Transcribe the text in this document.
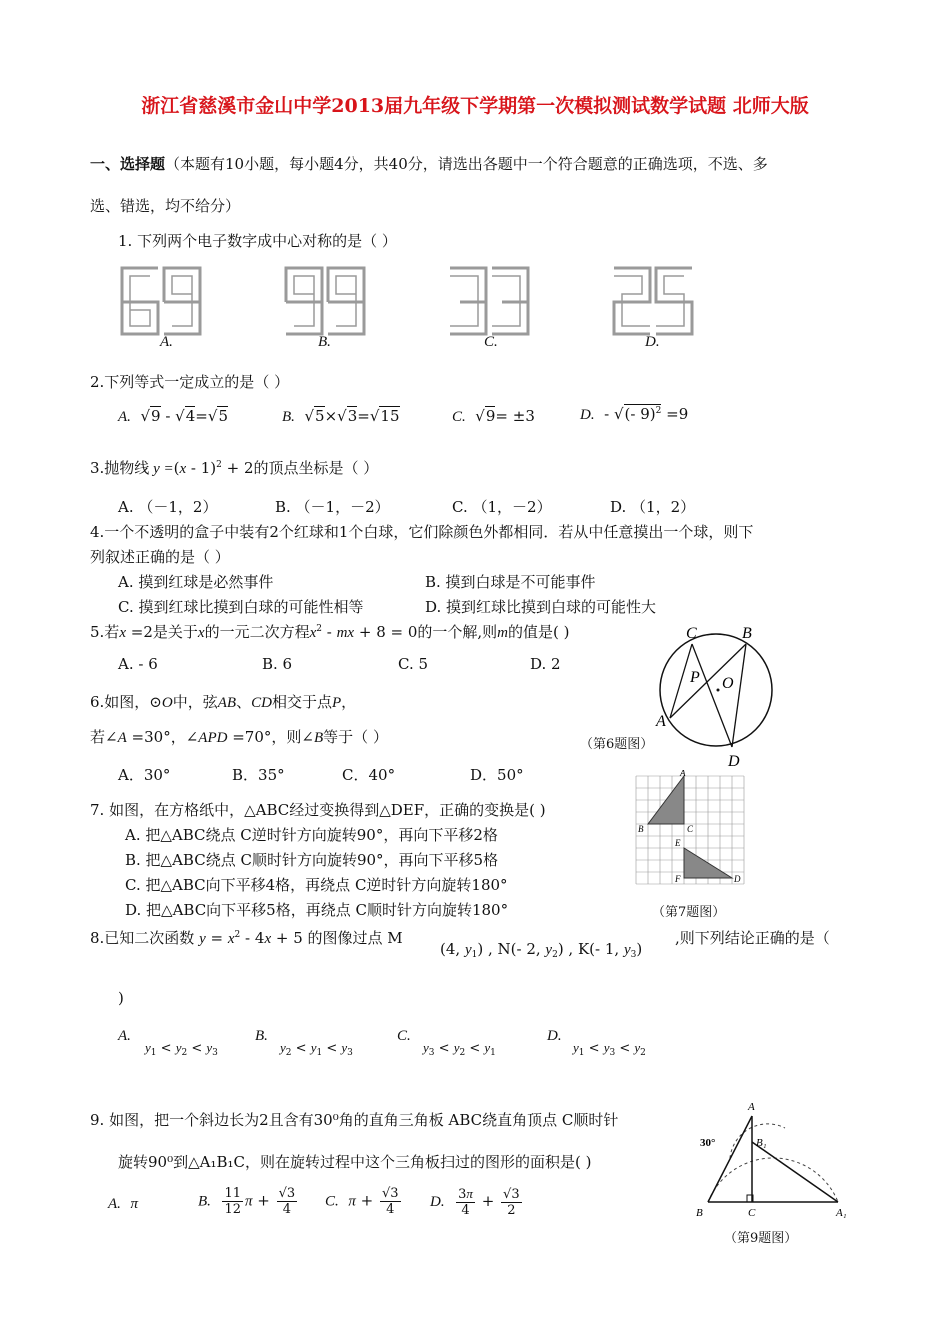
浙江省慈溪市金山中学2013届九年级下学期第一次模拟测试数学试题 北师大版
一、选择题（本题有10小题，每小题4分，共40分，请选出各题中一个符合题意的正确选项，不选、多
选、错选，均不给分）
1. 下列两个电子数字成中心对称的是（ ）
A.	B.	C.	D.
2.下列等式一定成立的是（ ）
A.  √9 - √4=√5	B.  √5×√3=√15	C.  √9= ±3	D.  - √(- 9)$^2$ =9
3.抛物线 y =(x - 1)$^2$ + 2的顶点坐标是（ ）
A. （－1，2）	B. （－1，－2）	C. （1，－2）	D. （1，2）
4.一个不透明的盒子中装有2个红球和1个白球，它们除颜色外都相同．若从中任意摸出一个球，则下
列叙述正确的是（ ）
A. 摸到红球是必然事件	B. 摸到白球是不可能事件
C. 摸到红球比摸到白球的可能性相等	D. 摸到红球比摸到白球的可能性大
5.若x =2是关于x的一元二次方程$x^2$ - mx + 8 = 0的一个解,则m的值是( )
A. - 6	B. 6	C. 5	D. 2
6.如图，⊙O中，弦AB、CD相交于点P，
若∠A =30°，∠APD =70°，则∠B等于（ ）
A．30°	B．35°	C．40°	D．50°
C	B
P O
A
D
（第6题图）
7. 如图，在方格纸中，△ABC经过变换得到△DEF，正确的变换是( )
A. 把△ABC绕点 C逆时针方向旋转90°，再向下平移2格
B. 把△ABC绕点 C顺时针方向旋转90°，再向下平移5格
C. 把△ABC向下平移4格，再绕点 C逆时针方向旋转180°
D. 把△ABC向下平移5格，再绕点 C顺时针方向旋转180°
A
B	C
E
F	D
（第7题图）
8.已知二次函数 $y = x^2 - 4x + 5$ 的图像过点 M
(4, $y_1$) , N(- 2, $y_2$) , K(- 1, $y_3$)
,则下列结论正确的是（
)
A.
$y_1 < y_2 < y_3$
B.
$y_2 < y_1 < y_3$
C.
$y_3 < y_2 < y_1$
D.
$y_1 < y_3 < y_2$
9. 如图，把一个斜边长为2且含有30⁰角的直角三角板 ABC绕直角顶点 C顺时针
旋转90⁰到△A₁B₁C，则在旋转过程中这个三角板扫过的图形的面积是( )
A. π	B. $\frac{11}{12}$ $\pi + \frac{√3}{4} C$. $\pi + \frac{√3}{4} D$. $\frac{3\pi}{4} + \frac{√3}{2}$
A
30°	B₁
B	C	A₁
（第9题图）
